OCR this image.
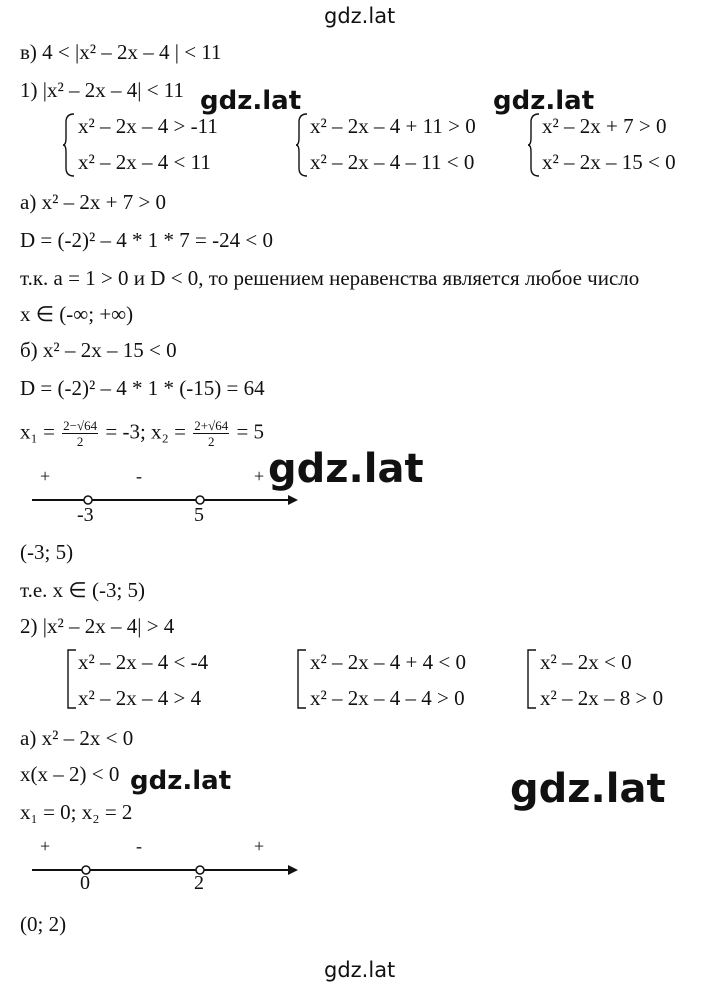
gdz.lat
в) 4 < |x² – 2x – 4 | < 11
1) |x² – 2x – 4| < 11 gdz.lat	gdz.lat
x² – 2x – 4 > -11
x² – 2x – 4 < 11
x² – 2x – 4 + 11 > 0
x² – 2x – 4 – 11 < 0
x² – 2x + 7 > 0
x² – 2x – 15 < 0
а) x² – 2x + 7 > 0
D = (-2)² – 4 * 1 * 7 = -24 < 0
т.к. a = 1 > 0 и D < 0, то решением неравенства является любое число
x ∈ (-∞; +∞)
б) x² – 2x – 15 < 0
D = (-2)² – 4 * 1 * (-15) = 64
$x_1 = \frac{2-√64}{2} = -3$; $x_2 = \frac{2+√64}{2} = 5$
+	-	+
-3	5
gdz.lat
(-3; 5)
т.е. x ∈ (-3; 5)
2) |x² – 2x – 4| > 4
x² – 2x – 4 < -4
x² – 2x – 4 > 4
x² – 2x – 4 + 4 < 0
x² – 2x – 4 – 4 > 0
x² – 2x < 0
x² – 2x – 8 > 0
а) x² – 2x < 0
x(x – 2) < 0
x₁ = 0; x₂ = 2
gdz.lat	gdz.lat
+	-	+
0	2
(0; 2)
gdz.lat
